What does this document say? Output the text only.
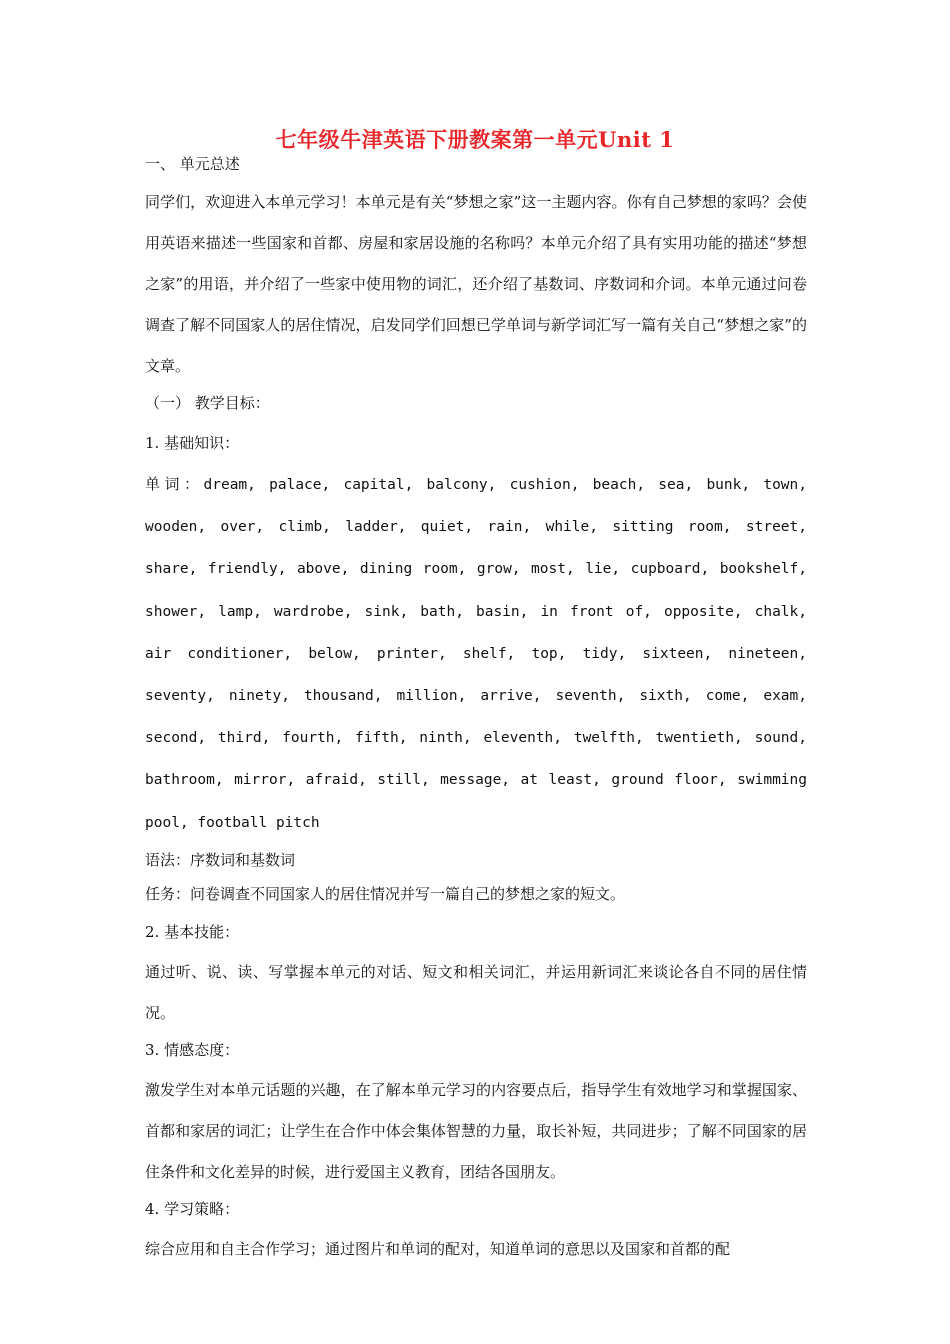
七年级牛津英语下册教案第一单元Unit 1

一、 单元总述

同学们，欢迎进入本单元学习！本单元是有关“梦想之家”这一主题内容。你有自己梦想的家吗？会使用英语来描述一些国家和首都、房屋和家居设施的名称吗？本单元介绍了具有实用功能的描述“梦想之家”的用语，并介绍了一些家中使用物的词汇，还介绍了基数词、序数词和介词。本单元通过问卷调查了解不同国家人的居住情况，启发同学们回想已学单词与新学词汇写一篇有关自己“梦想之家”的文章。

（一） 教学目标：

1. 基础知识：

单词：dream, palace, capital, balcony, cushion, beach, sea, bunk, town, wooden, over, climb, ladder, quiet, rain, while, sitting room, street, share, friendly, above, dining room, grow, most, lie, cupboard, bookshelf, shower, lamp, wardrobe, sink, bath, basin, in front of, opposite, chalk, air conditioner, below, printer, shelf, top, tidy, sixteen, nineteen, seventy, ninety, thousand, million, arrive, seventh, sixth, come, exam, second, third, fourth, fifth, ninth, eleventh, twelfth, twentieth, sound, bathroom, mirror, afraid, still, message, at least, ground floor, swimming pool, football pitch

语法：序数词和基数词

任务：问卷调查不同国家人的居住情况并写一篇自己的梦想之家的短文。

2. 基本技能：

通过听、说、读、写掌握本单元的对话、短文和相关词汇，并运用新词汇来谈论各自不同的居住情况。

3. 情感态度：

激发学生对本单元话题的兴趣，在了解本单元学习的内容要点后，指导学生有效地学习和掌握国家、首都和家居的词汇；让学生在合作中体会集体智慧的力量，取长补短，共同进步；了解不同国家的居住条件和文化差异的时候，进行爱国主义教育，团结各国朋友。

4. 学习策略：

综合应用和自主合作学习；通过图片和单词的配对，知道单词的意思以及国家和首都的配
